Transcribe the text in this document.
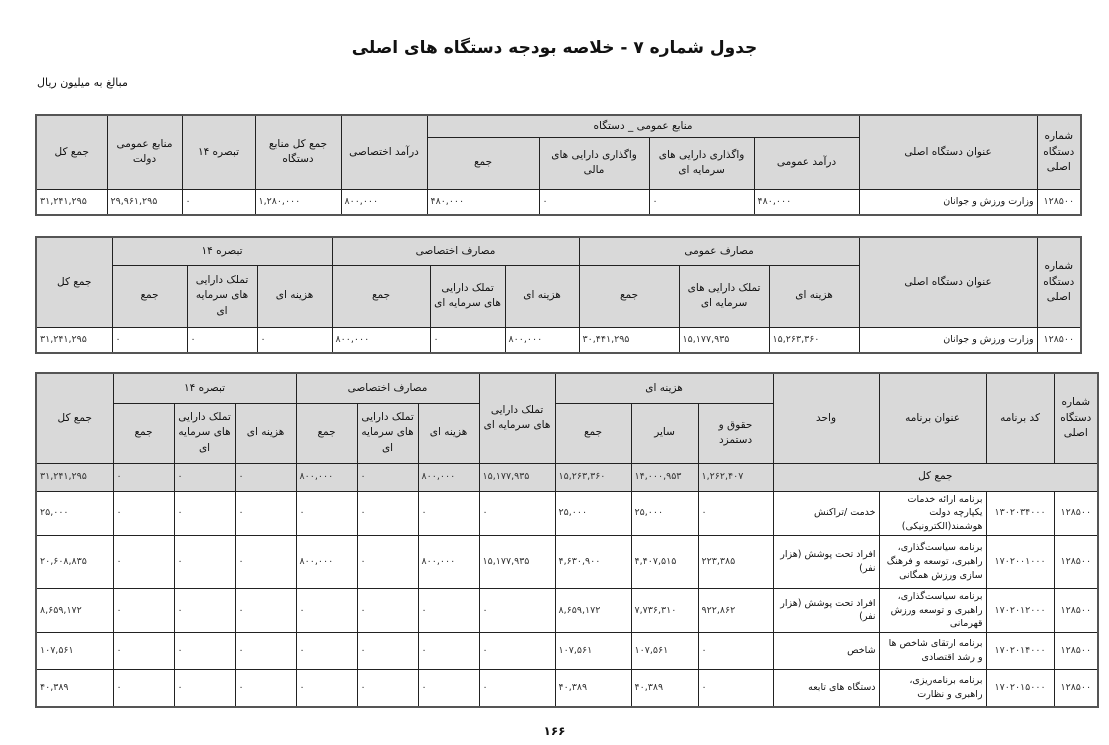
جدول شماره ۷ - خلاصه بودجه دستگاه های اصلی
مبالغ به میلیون ریال
شماره دستگاه اصلی	عنوان دستگاه اصلی	منابع عمومی _ دستگاه				درآمد اختصاصی	جمع کل منابع دستگاه	تبصره ۱۴	منابع عمومی دولت	جمع کل
		درآمد عمومی	واگذاری دارایی های سرمایه ای	واگذاری دارایی های مالی	جمع					
۱۲۸۵۰۰	وزارت ورزش و جوانان	۴۸۰,۰۰۰	۰	۰	۴۸۰,۰۰۰	۸۰۰,۰۰۰	۱,۲۸۰,۰۰۰	۰	۲۹,۹۶۱,۲۹۵	۳۱,۲۴۱,۲۹۵
شماره دستگاه اصلی	عنوان دستگاه اصلی	مصارف عمومی			مصارف اختصاصی			تبصره ۱۴			جمع کل
		هزینه ای	تملک دارایی های سرمایه ای	جمع	هزینه ای	تملک دارایی های سرمایه ای	جمع	هزینه ای	تملک دارایی های سرمایه ای	جمع	
۱۲۸۵۰۰	وزارت ورزش و جوانان	۱۵,۲۶۳,۳۶۰	۱۵,۱۷۷,۹۳۵	۳۰,۴۴۱,۲۹۵	۸۰۰,۰۰۰	۰	۸۰۰,۰۰۰	۰	۰	۰	۳۱,۲۴۱,۲۹۵
شماره دستگاه اصلی	کد برنامه	عنوان برنامه	واحد	هزینه ای			تملک دارایی های سرمایه ای	مصارف اختصاصی			تبصره ۱۴			جمع کل
				حقوق و دستمزد	سایر	جمع		هزینه ای	تملک دارایی های سرمایه ای	جمع	هزینه ای	تملک دارایی های سرمایه ای	جمع	
جمع کل				۱,۲۶۲,۴۰۷	۱۴,۰۰۰,۹۵۳	۱۵,۲۶۳,۳۶۰	۱۵,۱۷۷,۹۳۵	۸۰۰,۰۰۰	۰	۸۰۰,۰۰۰	۰	۰	۰	۳۱,۲۴۱,۲۹۵
۱۲۸۵۰۰	۱۳۰۲۰۳۴۰۰۰	برنامه ارائه خدمات یکپارچه دولت هوشمند(الکترونیکی)	خدمت /تراکنش	۰	۲۵,۰۰۰	۲۵,۰۰۰	۰	۰	۰	۰	۰	۰	۰	۲۵,۰۰۰
۱۲۸۵۰۰	۱۷۰۲۰۰۱۰۰۰	برنامه سیاست‌گذاری، راهبری، توسعه و فرهنگ سازی ورزش همگانی	افراد تحت پوشش (هزار نفر)	۲۲۳,۳۸۵	۴,۴۰۷,۵۱۵	۴,۶۳۰,۹۰۰	۱۵,۱۷۷,۹۳۵	۸۰۰,۰۰۰	۰	۸۰۰,۰۰۰	۰	۰	۰	۲۰,۶۰۸,۸۳۵
۱۲۸۵۰۰	۱۷۰۲۰۱۲۰۰۰	برنامه سیاست‌گذاری، راهبری و توسعه ورزش قهرمانی	افراد تحت پوشش (هزار نفر)	۹۲۲,۸۶۲	۷,۷۳۶,۳۱۰	۸,۶۵۹,۱۷۲	۰	۰	۰	۰	۰	۰	۰	۸,۶۵۹,۱۷۲
۱۲۸۵۰۰	۱۷۰۲۰۱۴۰۰۰	برنامه ارتقای شاخص ها و رشد اقتصادی	شاخص	۰	۱۰۷,۵۶۱	۱۰۷,۵۶۱	۰	۰	۰	۰	۰	۰	۰	۱۰۷,۵۶۱
۱۲۸۵۰۰	۱۷۰۲۰۱۵۰۰۰	برنامه برنامه‌ریزی، راهبری و نظارت	دستگاه های تابعه	۰	۴۰,۳۸۹	۴۰,۳۸۹	۰	۰	۰	۰	۰	۰	۰	۴۰,۳۸۹
۱۶۶
